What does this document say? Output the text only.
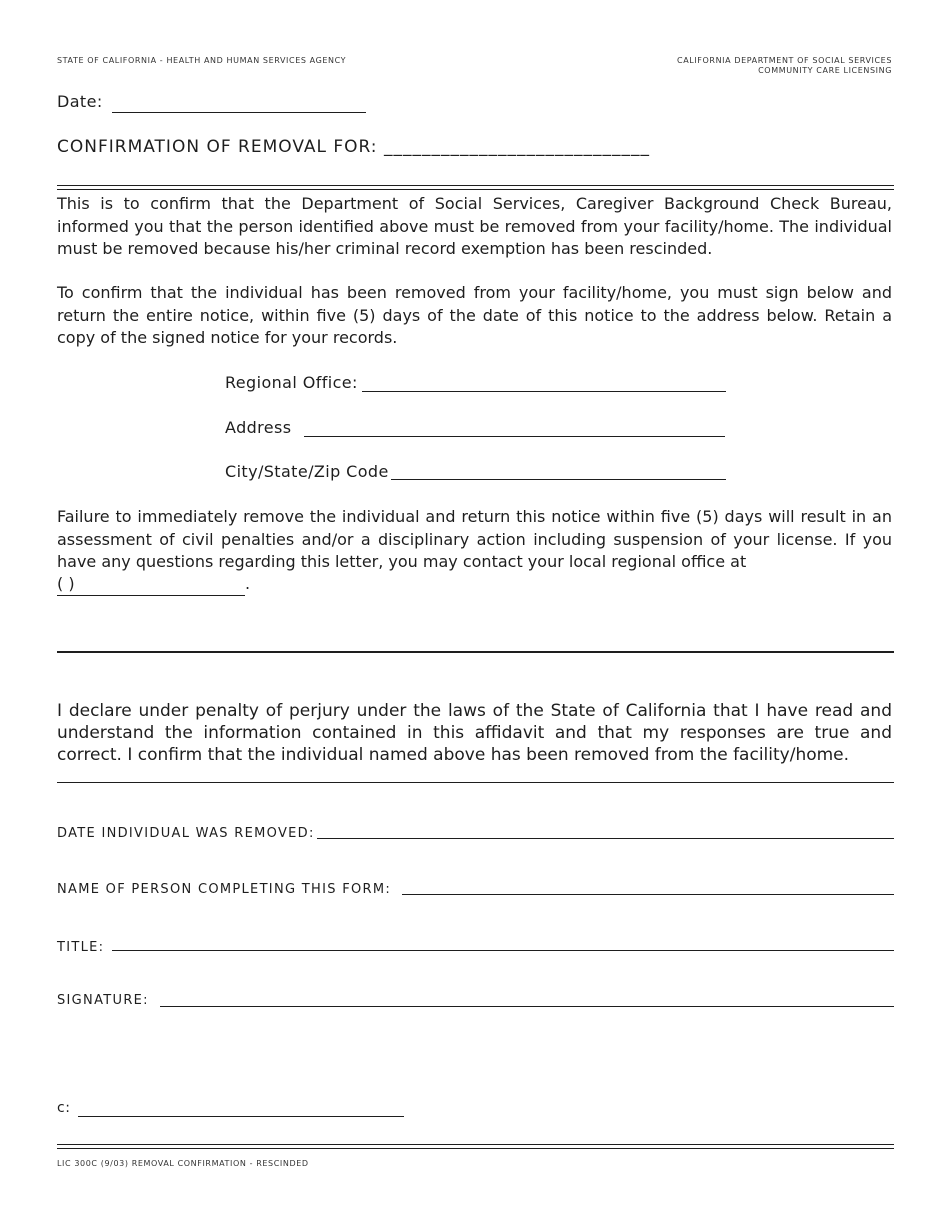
STATE OF CALIFORNIA - HEALTH AND HUMAN SERVICES AGENCY	CALIFORNIA DEPARTMENT OF SOCIAL SERVICES
COMMUNITY CARE LICENSING
Date:
CONFIRMATION OF REMOVAL FOR: ____________________________
This is to confirm that the Department of Social Services, Caregiver Background Check Bureau, informed you that the person identified above must be removed from your facility/home. The individual must be removed because his/her criminal record exemption has been rescinded.
To confirm that the individual has been removed from your facility/home, you must sign below and return the entire notice, within five (5) days of the date of this notice to the address below. Retain a copy of the signed notice for your records.
Regional Office:
Address
City/State/Zip Code
Failure to immediately remove the individual and return this notice within five (5) days will result in an assessment of civil penalties and/or a disciplinary action including suspension of your license. If you have any questions regarding this letter, you may contact your local regional office at
( )	.
I declare under penalty of perjury under the laws of the State of California that I have read and understand the information contained in this affidavit and that my responses are true and correct. I confirm that the individual named above has been removed from the facility/home.
DATE INDIVIDUAL WAS REMOVED:
NAME OF PERSON COMPLETING THIS FORM:
TITLE:
SIGNATURE:
c:
LIC 300C (9/03) REMOVAL CONFIRMATION - RESCINDED
